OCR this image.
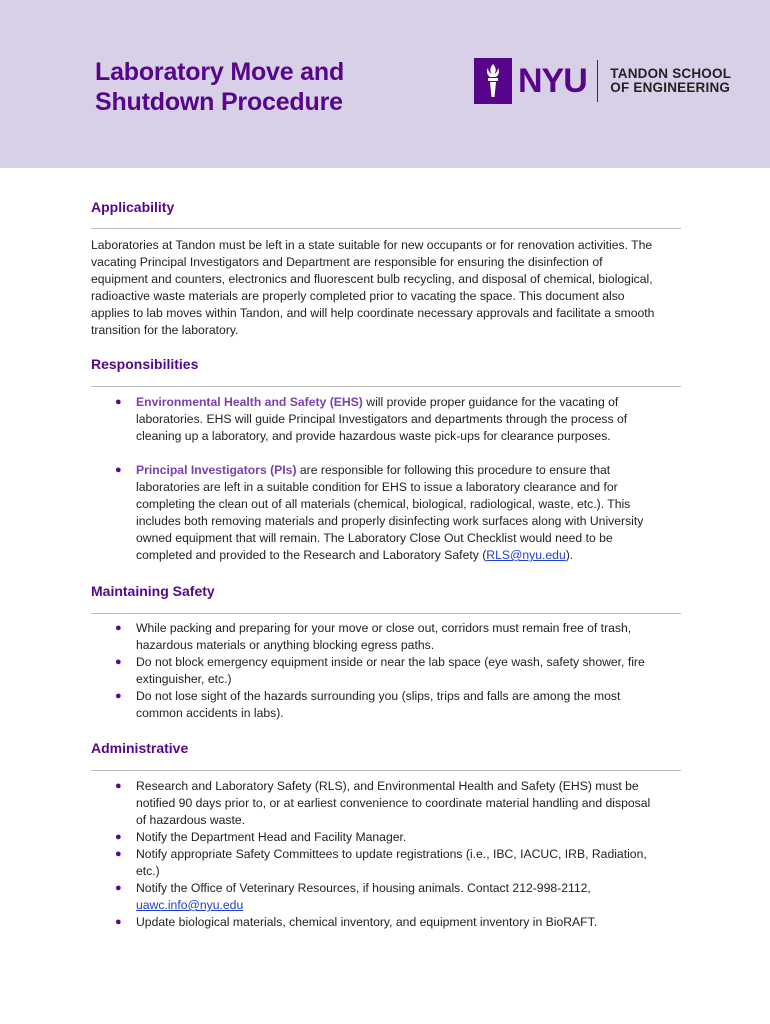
Laboratory Move and
Shutdown Procedure
NYU TANDON SCHOOL
OF ENGINEERING
Applicability

Laboratories at Tandon must be left in a state suitable for new occupants or for renovation activities. The
vacating Principal Investigators and Department are responsible for ensuring the disinfection of
equipment and counters, electronics and fluorescent bulb recycling, and disposal of chemical, biological,
radioactive waste materials are properly completed prior to vacating the space. This document also
applies to lab moves within Tandon, and will help coordinate necessary approvals and facilitate a smooth
transition for the laboratory.

Responsibilities
● Environmental Health and Safety (EHS) will provide proper guidance for the vacating of
laboratories. EHS will guide Principal Investigators and departments through the process of
cleaning up a laboratory, and provide hazardous waste pick-ups for clearance purposes.
● Principal Investigators (PIs) are responsible for following this procedure to ensure that
laboratories are left in a suitable condition for EHS to issue a laboratory clearance and for
completing the clean out of all materials (chemical, biological, radiological, waste, etc.). This
includes both removing materials and properly disinfecting work surfaces along with University
owned equipment that will remain. The Laboratory Close Out Checklist would need to be
completed and provided to the Research and Laboratory Safety (RLS@nyu.edu).
Maintaining Safety
● While packing and preparing for your move or close out, corridors must remain free of trash,
hazardous materials or anything blocking egress paths.
● Do not block emergency equipment inside or near the lab space (eye wash, safety shower, fire
extinguisher, etc.)
● Do not lose sight of the hazards surrounding you (slips, trips and falls are among the most
common accidents in labs).
Administrative
● Research and Laboratory Safety (RLS), and Environmental Health and Safety (EHS) must be
notified 90 days prior to, or at earliest convenience to coordinate material handling and disposal
of hazardous waste.
● Notify the Department Head and Facility Manager.
● Notify appropriate Safety Committees to update registrations (i.e., IBC, IACUC, IRB, Radiation,
etc.)
● Notify the Office of Veterinary Resources, if housing animals. Contact 212-998-2112,
uawc.info@nyu.edu
● Update biological materials, chemical inventory, and equipment inventory in BioRAFT.
